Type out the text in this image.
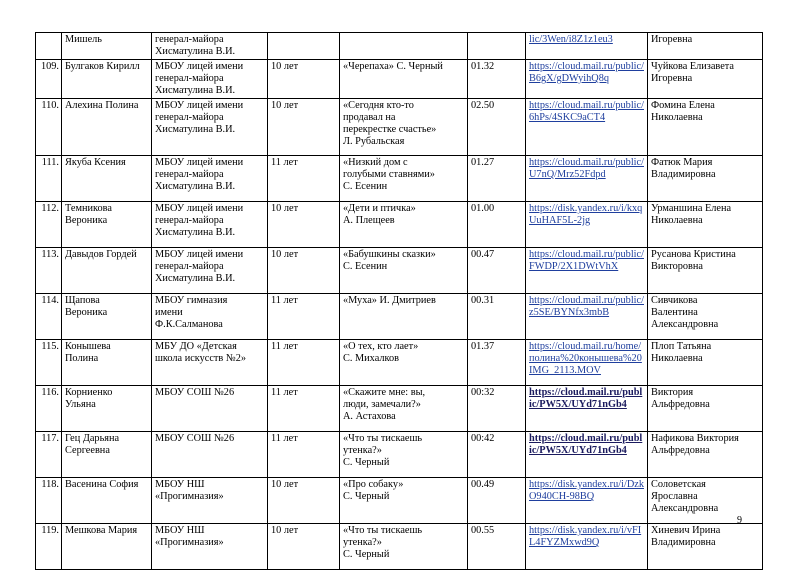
	Мишель	генерал-майора
Хисматулина В.И.				lic/3Wen/i8Z1z1eu3	Игоревна
109.	Булгаков Кирилл	МБОУ лицей имени
генерал-майора
Хисматулина В.И.	10 лет	«Черепаха» С. Черный	01.32	https://cloud.mail.ru/public/B6gX/gDWyihQ8q	Чуйкова Елизавета
Игоревна
110.	Алехина Полина	МБОУ лицей имени
генерал-майора
Хисматулина В.И.	10 лет	«Сегодня кто-то
продавал на
перекрестке счастье»
Л. Рубальская	02.50	https://cloud.mail.ru/public/6hPs/4SKC9aCT4	Фомина Елена
Николаевна
111.	Якуба Ксения	МБОУ лицей имени
генерал-майора
Хисматулина В.И.	11 лет	«Низкий дом с
голубыми ставнями»
С. Есенин	01.27	https://cloud.mail.ru/public/U7nQ/Mrz52Fdpd	Фатюк Мария
Владимировна
112.	Темникова
Вероника	МБОУ лицей имени
генерал-майора
Хисматулина В.И.	10 лет	«Дети и птичка»
А. Плещеев	01.00	https://disk.yandex.ru/i/kxqUuHAF5L-2jg	Урманшина Елена
Николаевна
113.	Давыдов Гордей	МБОУ лицей имени
генерал-майора
Хисматулина В.И.	10 лет	«Бабушкины сказки»
С. Есенин	00.47	https://cloud.mail.ru/public/FWDP/2X1DWtVhX	Русанова Кристина
Викторовна
114.	Щапова
Вероника	МБОУ гимназия
имени
Ф.К.Салманова	11 лет	«Муха» И. Дмитриев	00.31	https://cloud.mail.ru/public/z5SE/BYNfx3mbB	Сивчикова
Валентина
Александровна
115.	Конышева
Полина	МБУ ДО «Детская
школа искусств №2»	11 лет	«О тех, кто лает»
С. Михалков	01.37	https://cloud.mail.ru/home/полина%20конышева%20IMG_2113.MOV	Плоп Татьяна
Николаевна
116.	Корниенко
Ульяна	МБОУ СОШ №26	11 лет	«Скажите мне: вы,
люди, замечали?»
А. Астахова	00:32	https://cloud.mail.ru/public/PW5X/UYd71nGb4	Виктория
Альфредовна
117.	Гец Дарьяна
Сергеевна	МБОУ СОШ №26	11 лет	«Что ты тискаешь
утенка?»
С. Черный	00:42	https://cloud.mail.ru/public/PW5X/UYd71nGb4	Нафикова Виктория
Альфредовна
118.	Васенина София	МБОУ НШ
«Прогимназия»	10 лет	«Про собаку»
С. Черный	00.49	https://disk.yandex.ru/i/DzkO940CH-98BQ	Соловетская
Ярославна
Александровна
119.	Мешкова Мария	МБОУ НШ
«Прогимназия»	10 лет	«Что ты тискаешь
утенка?»
С. Черный	00.55	https://disk.yandex.ru/i/vFIL4FYZMxwd9Q	Хиневич Ирина
Владимировна
9
